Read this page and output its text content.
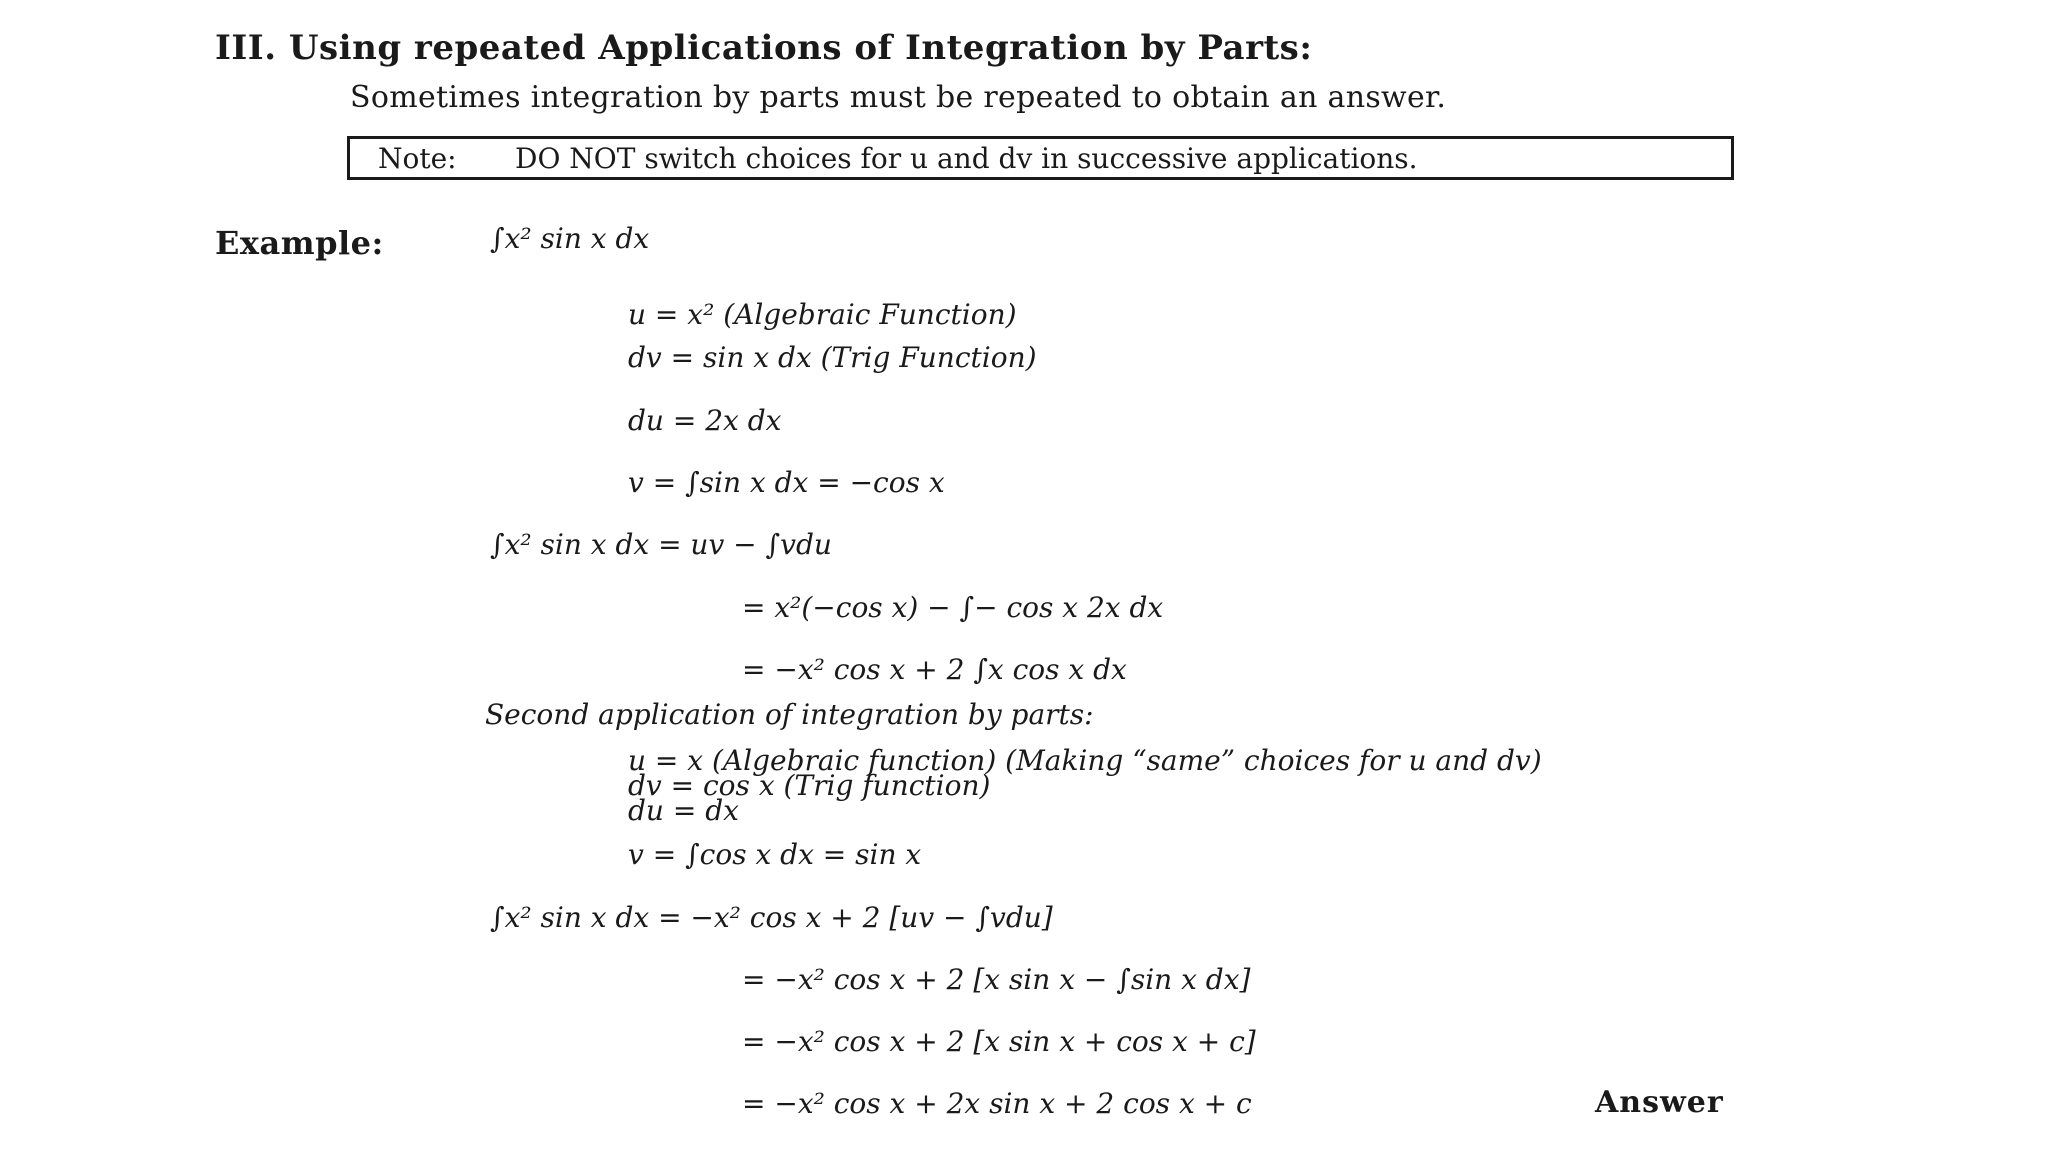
III. Using repeated Applications of Integration by Parts:
Sometimes integration by parts must be repeated to obtain an answer.
Note: DO NOT switch choices for u and dv in successive applications.
Example:	∫x² sin x dx
u = x² (Algebraic Function)
dv = sin x dx (Trig Function)
du = 2x dx
v = ∫sin x dx = −cos x
∫x² sin x dx = uv − ∫vdu
= x²(−cos x) − ∫− cos x 2x dx
= −x² cos x + 2 ∫x cos x dx
Second application of integration by parts:
u = x (Algebraic function) (Making “same” choices for u and dv)
dv = cos x (Trig function)
du = dx
v = ∫cos x dx = sin x
∫x² sin x dx = −x² cos x + 2 [uv − ∫vdu]
= −x² cos x + 2 [x sin x − ∫sin x dx]
= −x² cos x + 2 [x sin x + cos x + c]
= −x² cos x + 2x sin x + 2 cos x + c	Answer
